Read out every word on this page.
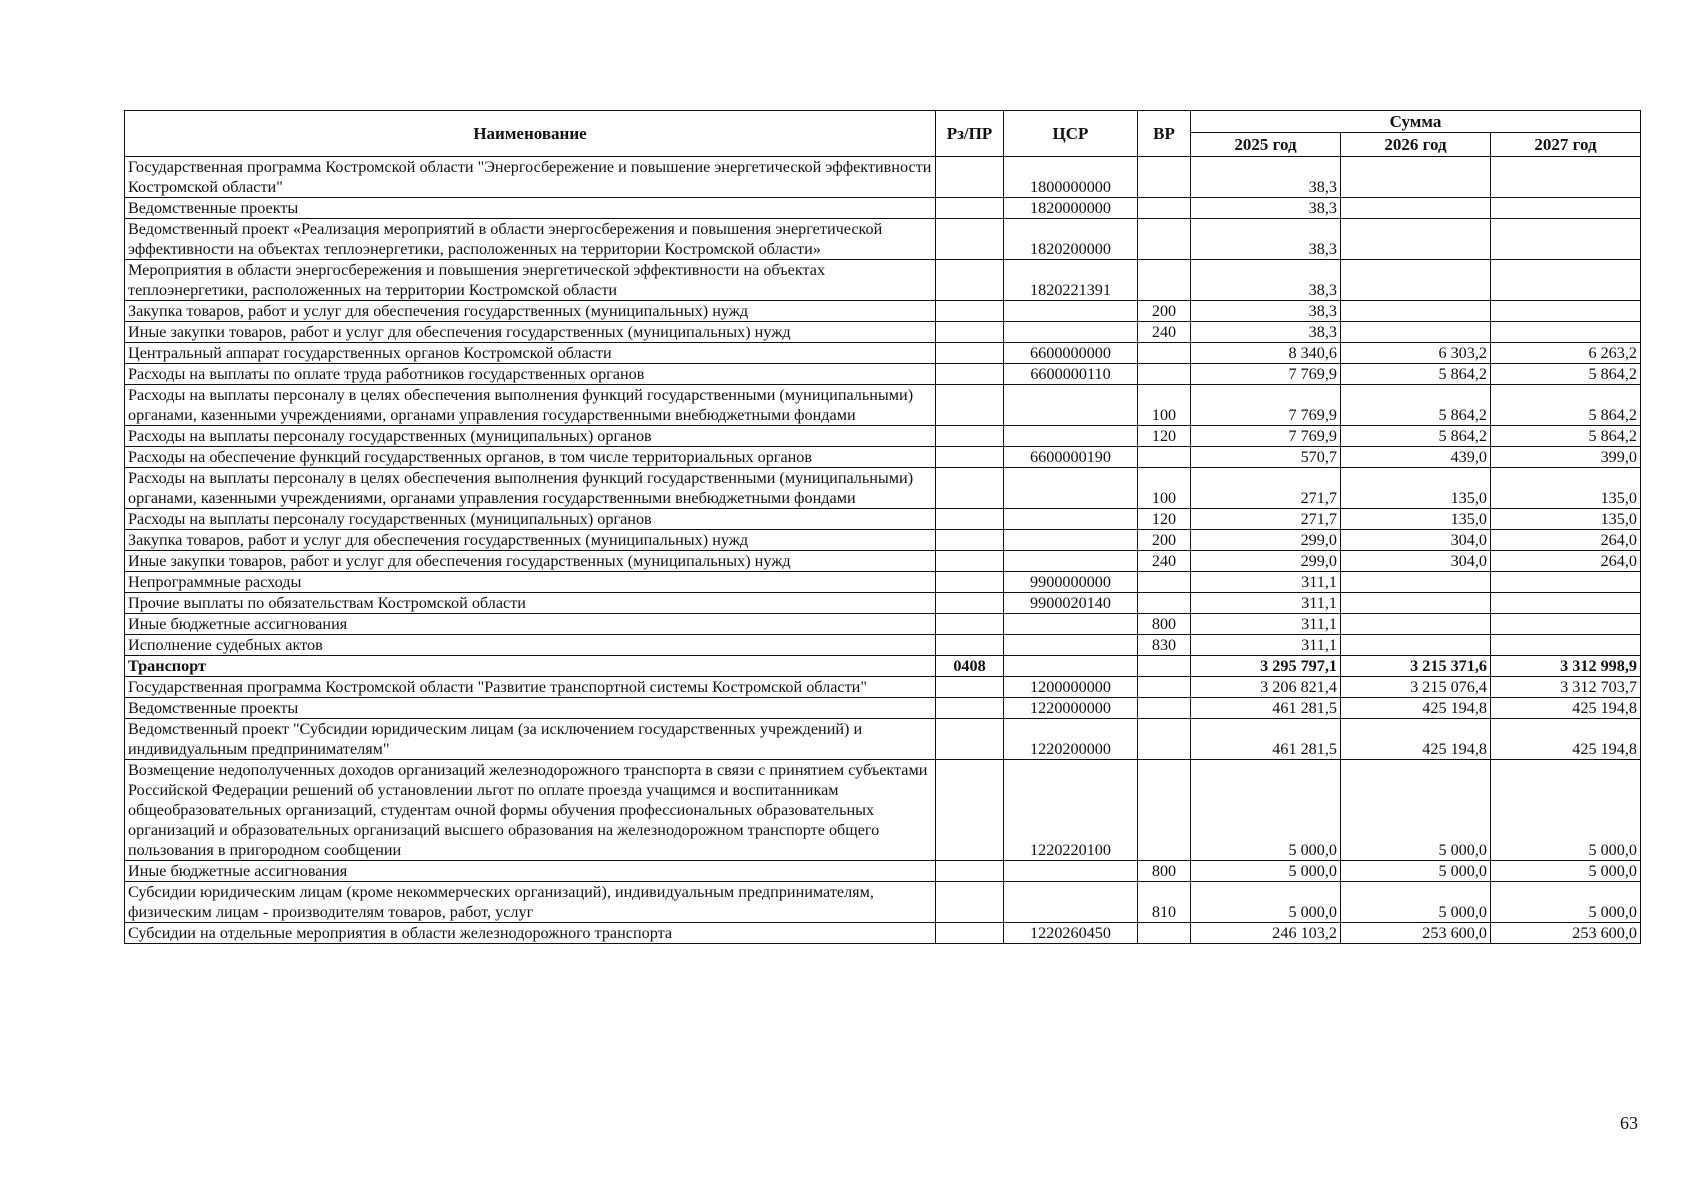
Наименование	Рз/ПР	ЦСР	ВР	Сумма		
				2025 год	2026 год	2027 год
Государственная программа Костромской области "Энергосбережение и повышение энергетической эффективности Костромской области"		1800000000		38,3		
Ведомственные проекты		1820000000		38,3		
Ведомственный проект «Реализация мероприятий в области энергосбережения и повышения энергетической эффективности на объектах теплоэнергетики, расположенных на территории Костромской области»		1820200000		38,3		
Мероприятия в области энергосбережения и повышения энергетической эффективности на объектах теплоэнергетики, расположенных на территории Костромской области		1820221391		38,3		
Закупка товаров, работ и услуг для обеспечения государственных (муниципальных) нужд			200	38,3		
Иные закупки товаров, работ и услуг для обеспечения государственных (муниципальных) нужд			240	38,3		
Центральный аппарат государственных органов Костромской области		6600000000		8 340,6	6 303,2	6 263,2
Расходы на выплаты по оплате труда работников государственных органов		6600000110		7 769,9	5 864,2	5 864,2
Расходы на выплаты персоналу в целях обеспечения выполнения функций государственными (муниципальными) органами, казенными учреждениями, органами управления государственными внебюджетными фондами			100	7 769,9	5 864,2	5 864,2
Расходы на выплаты персоналу государственных (муниципальных) органов			120	7 769,9	5 864,2	5 864,2
Расходы на обеспечение функций государственных органов, в том числе территориальных органов		6600000190		570,7	439,0	399,0
Расходы на выплаты персоналу в целях обеспечения выполнения функций государственными (муниципальными) органами, казенными учреждениями, органами управления государственными внебюджетными фондами			100	271,7	135,0	135,0
Расходы на выплаты персоналу государственных (муниципальных) органов			120	271,7	135,0	135,0
Закупка товаров, работ и услуг для обеспечения государственных (муниципальных) нужд			200	299,0	304,0	264,0
Иные закупки товаров, работ и услуг для обеспечения государственных (муниципальных) нужд			240	299,0	304,0	264,0
Непрограммные расходы		9900000000		311,1		
Прочие выплаты по обязательствам Костромской области		9900020140		311,1		
Иные бюджетные ассигнования			800	311,1		
Исполнение судебных актов			830	311,1		
Транспорт	0408			3 295 797,1	3 215 371,6	3 312 998,9
Государственная программа Костромской области "Развитие транспортной системы Костромской области"		1200000000		3 206 821,4	3 215 076,4	3 312 703,7
Ведомственные проекты		1220000000		461 281,5	425 194,8	425 194,8
Ведомственный проект "Субсидии юридическим лицам (за исключением государственных учреждений) и индивидуальным предпринимателям"		1220200000		461 281,5	425 194,8	425 194,8
Возмещение недополученных доходов организаций железнодорожного транспорта в связи с принятием субъектами Российской Федерации решений об установлении льгот по оплате проезда учащимся и воспитанникам общеобразовательных организаций, студентам очной формы обучения профессиональных образовательных организаций и образовательных организаций высшего образования на железнодорожном транспорте общего пользования в пригородном сообщении		1220220100		5 000,0	5 000,0	5 000,0
Иные бюджетные ассигнования			800	5 000,0	5 000,0	5 000,0
Субсидии юридическим лицам (кроме некоммерческих организаций), индивидуальным предпринимателям, физическим лицам - производителям товаров, работ, услуг			810	5 000,0	5 000,0	5 000,0
Субсидии на отдельные мероприятия в области железнодорожного транспорта		1220260450		246 103,2	253 600,0	253 600,0
63
